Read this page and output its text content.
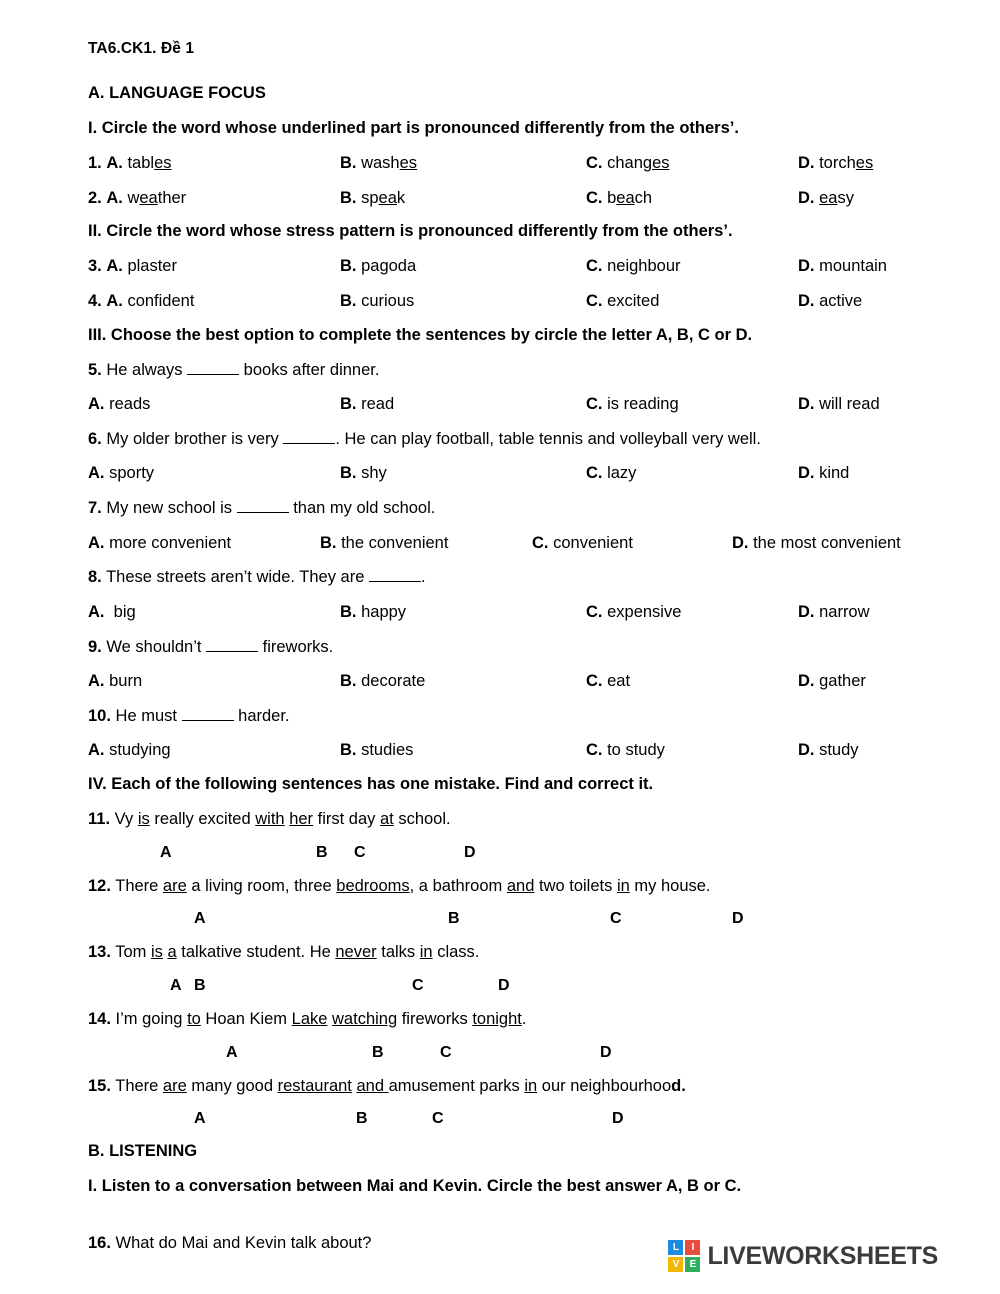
TA6.CK1. Đề 1
A. LANGUAGE FOCUS
I. Circle the word whose underlined part is pronounced differently from the others’.
1. A. tables	B. washes	C. changes	D. torches
2. A. weather	B. speak	C. beach	D. easy
II. Circle the word whose stress pattern is pronounced differently from the others’.
3. A. plaster	B. pagoda	C. neighbour	D. mountain
4. A. confident	B. curious	C. excited	D. active
III. Choose the best option to complete the sentences by circle the letter A, B, C or D.
5. He always	books after dinner.
A. reads	B. read	C. is reading	D. will read
6. My older brother is very	. He can play football, table tennis and volleyball very well.
A. sporty	B. shy	C. lazy	D. kind
7. My new school is	than my old school.
A. more convenient	B. the convenient	C. convenient	D. the most convenient
8. These streets aren’t wide. They are	.
A. big	B. happy	C. expensive	D. narrow
9. We shouldn’t	fireworks.
A. burn	B. decorate	C. eat	D. gather
10. He must	harder.
A. studying	B. studies	C. to study	D. study
IV. Each of the following sentences has one mistake. Find and correct it.
11. Vy is really excited with her first day at school.
A	B C	D
12. There are a living room, three bedrooms, a bathroom and two toilets in my house.
A	B	C	D
13. Tom is a talkative student. He never talks in class.
A B	C	D
14. I’m going to Hoan Kiem Lake watching fireworks tonight.
A	B	C	D
15. There are many good restaurant and amusement parks in our neighbourhood.
A	B	C	D
B. LISTENING
I. Listen to a conversation between Mai and Kevin. Circle the best answer A, B or C.
16. What do Mai and Kevin talk about?	L	I
V	E LIVEWORKSHEETS
